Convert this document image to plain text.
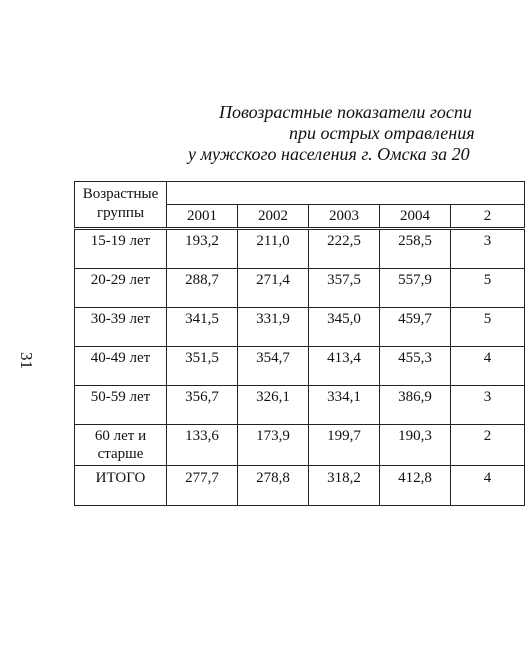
31
Повозрастные показатели госпи
при острых отравления
у мужского населения г. Омска за 20
Возрастные
группы					
	2001	2002	2003	2004	2
15-19 лет	193,2	211,0	222,5	258,5	3
20-29 лет	288,7	271,4	357,5	557,9	5
30-39 лет	341,5	331,9	345,0	459,7	5
40-49 лет	351,5	354,7	413,4	455,3	4
50-59 лет	356,7	326,1	334,1	386,9	3
60 лет и
старше	133,6	173,9	199,7	190,3	2
ИТОГО	277,7	278,8	318,2	412,8	4
